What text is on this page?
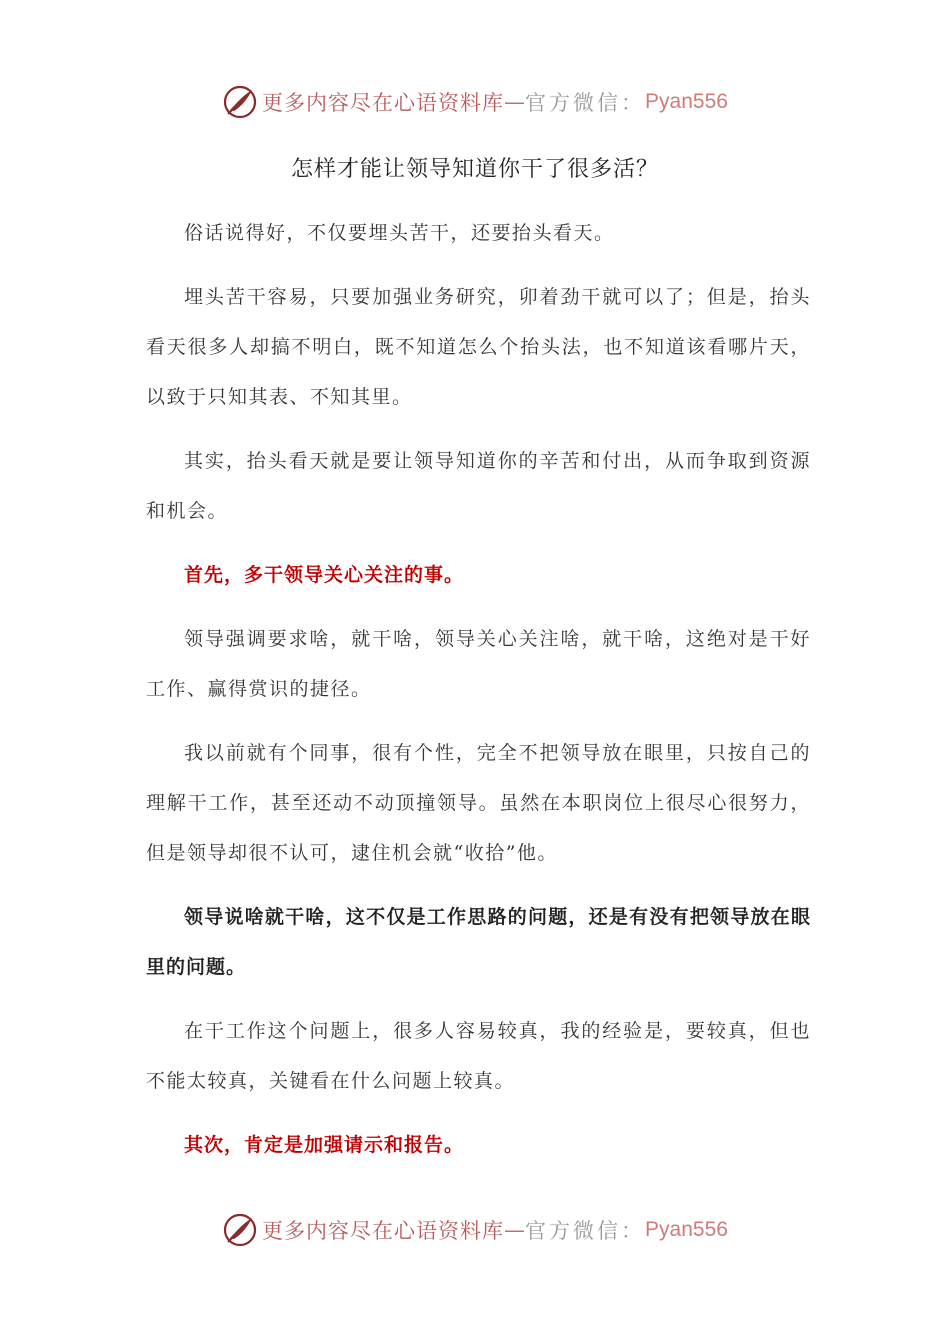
更多内容尽在心语资料库 — 官方微信： Pyan556
怎样才能让领导知道你干了很多活？

俗话说得好，不仅要埋头苦干，还要抬头看天。

埋头苦干容易，只要加强业务研究，卯着劲干就可以了；但是，抬头看天很多人却搞不明白，既不知道怎么个抬头法，也不知道该看哪片天，以致于只知其表、不知其里。

其实，抬头看天就是要让领导知道你的辛苦和付出，从而争取到资源和机会。

首先，多干领导关心关注的事。

领导强调要求啥，就干啥，领导关心关注啥，就干啥，这绝对是干好工作、赢得赏识的捷径。

我以前就有个同事，很有个性，完全不把领导放在眼里，只按自己的理解干工作，甚至还动不动顶撞领导。虽然在本职岗位上很尽心很努力，但是领导却很不认可，逮住机会就“收拾”他。

领导说啥就干啥，这不仅是工作思路的问题，还是有没有把领导放在眼里的问题。

在干工作这个问题上，很多人容易较真，我的经验是，要较真，但也不能太较真，关键看在什么问题上较真。

其次，肯定是加强请示和报告。

更多内容尽在心语资料库 — 官方微信： Pyan556
